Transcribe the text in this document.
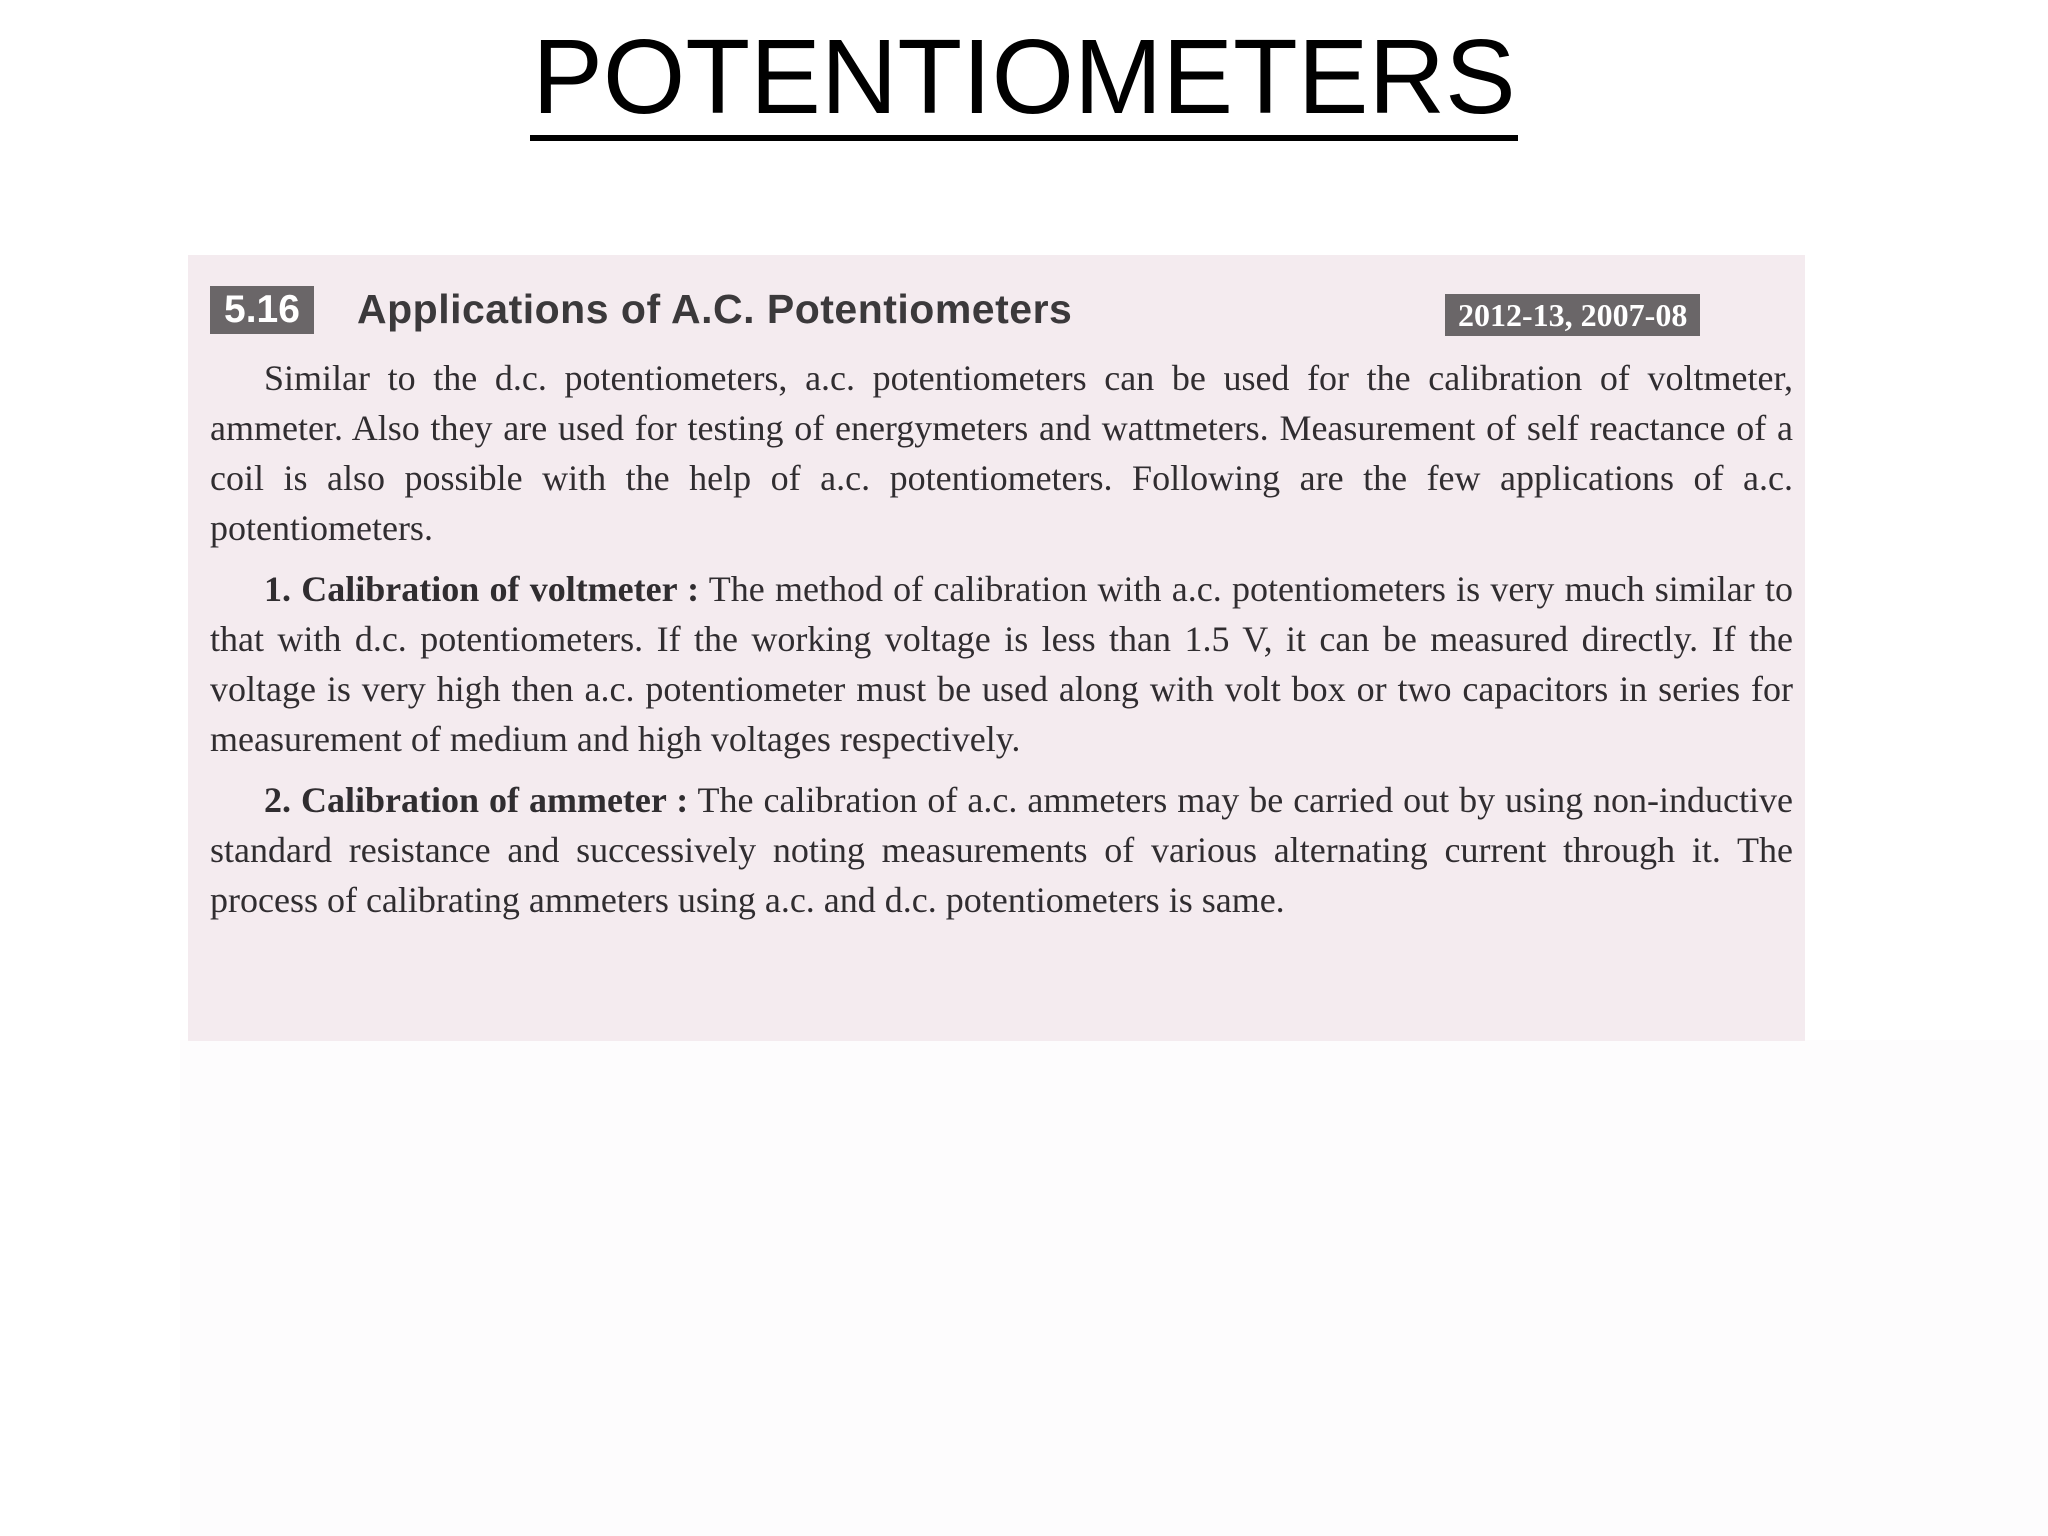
POTENTIOMETERS
5.16	Applications of A.C. Potentiometers	2012-13, 2007-08

Similar to the d.c. potentiometers, a.c. potentiometers can be used for the calibration of voltmeter, ammeter. Also they are used for testing of energymeters and wattmeters. Measurement of self reactance of a coil is also possible with the help of a.c. potentiometers. Following are the few applications of a.c. potentiometers.

1. Calibration of voltmeter : The method of calibration with a.c. potentiometers is very much similar to that with d.c. potentiometers. If the working voltage is less than 1.5 V, it can be measured directly. If the voltage is very high then a.c. potentiometer must be used along with volt box or two capacitors in series for measurement of medium and high voltages respectively.

2. Calibration of ammeter : The calibration of a.c. ammeters may be carried out by using non-inductive standard resistance and successively noting measurements of various alternating current through it. The process of calibrating ammeters using a.c. and d.c. potentiometers is same.
